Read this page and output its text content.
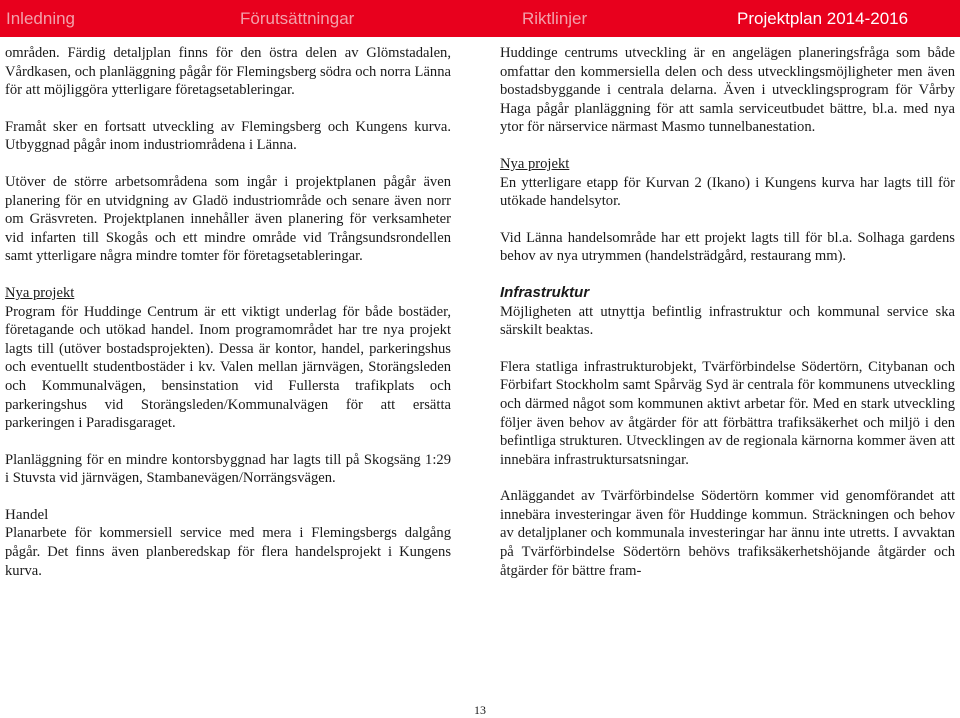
Inledning	Förutsättningar	Riktlinjer	Projektplan 2014-2016

områden. Färdig detaljplan finns för den östra delen av Glömstadalen, Vårdkasen, och planläggning pågår för Flemingsberg södra och norra Länna för att möjliggöra ytterligare företagsetableringar.

Framåt sker en fortsatt utveckling av Flemingsberg och Kungens kurva. Utbyggnad pågår inom industriområdena i Länna.

Utöver de större arbetsområdena som ingår i projektplanen pågår även planering för en utvidgning av Gladö industriområde och senare även norr om Gräsvreten. Projektplanen innehåller även planering för verksamheter vid infarten till Skogås och ett mindre område vid Trångsundsrondellen samt ytterligare några mindre tomter för företagsetableringar.

Nya projekt

Program för Huddinge Centrum är ett viktigt underlag för både bostäder, företagande och utökad handel. Inom programområdet har tre nya projekt lagts till (utöver bostadsprojekten). Dessa är kontor, handel, parkeringshus och eventuellt studentbostäder i kv. Valen mellan järnvägen, Storängsleden och Kommunalvägen, bensinstation vid Fullersta trafikplats och parkeringshus vid Storängsleden/Kommunalvägen för att ersätta parkeringen i Paradisgaraget.

Planläggning för en mindre kontorsbyggnad har lagts till på Skogsäng 1:29 i Stuvsta vid järnvägen, Stambanevägen/Norrängsvägen.

Handel

Planarbete för kommersiell service med mera i Flemingsbergs dalgång pågår. Det finns även planberedskap för flera handelsprojekt i Kungens kurva.

Huddinge centrums utveckling är en angelägen planeringsfråga som både omfattar den kommersiella delen och dess utvecklingsmöjligheter men även bostadsbyggande i centrala delarna. Även i utvecklingsprogram för Vårby Haga pågår planläggning för att samla serviceutbudet bättre, bl.a. med nya ytor för närservice närmast Masmo tunnelbanestation.

Nya projekt

En ytterligare etapp för Kurvan 2 (Ikano) i Kungens kurva har lagts till för utökade handelsytor.

Vid Länna handelsområde har ett projekt lagts till för bl.a. Solhaga gardens behov av nya utrymmen (handelsträdgård, restaurang mm).

Infrastruktur

Möjligheten att utnyttja befintlig infrastruktur och kommunal service ska särskilt beaktas.

Flera statliga infrastrukturobjekt, Tvärförbindelse Södertörn, Citybanan och Förbifart Stockholm samt Spårväg Syd är centrala för kommunens utveckling och därmed något som kommunen aktivt arbetar för. Med en stark utveckling följer även behov av åtgärder för att förbättra trafiksäkerhet och miljö i den befintliga strukturen. Utvecklingen av de regionala kärnorna kommer även att innebära infrastruktursatsningar.

Anläggandet av Tvärförbindelse Södertörn kommer vid genomförandet att innebära investeringar även för Huddinge kommun. Sträckningen och behov av detaljplaner och kommunala investeringar har ännu inte utretts. I avvaktan på Tvärförbindelse Södertörn behövs trafiksäkerhetshöjande åtgärder och åtgärder för bättre fram-

13
